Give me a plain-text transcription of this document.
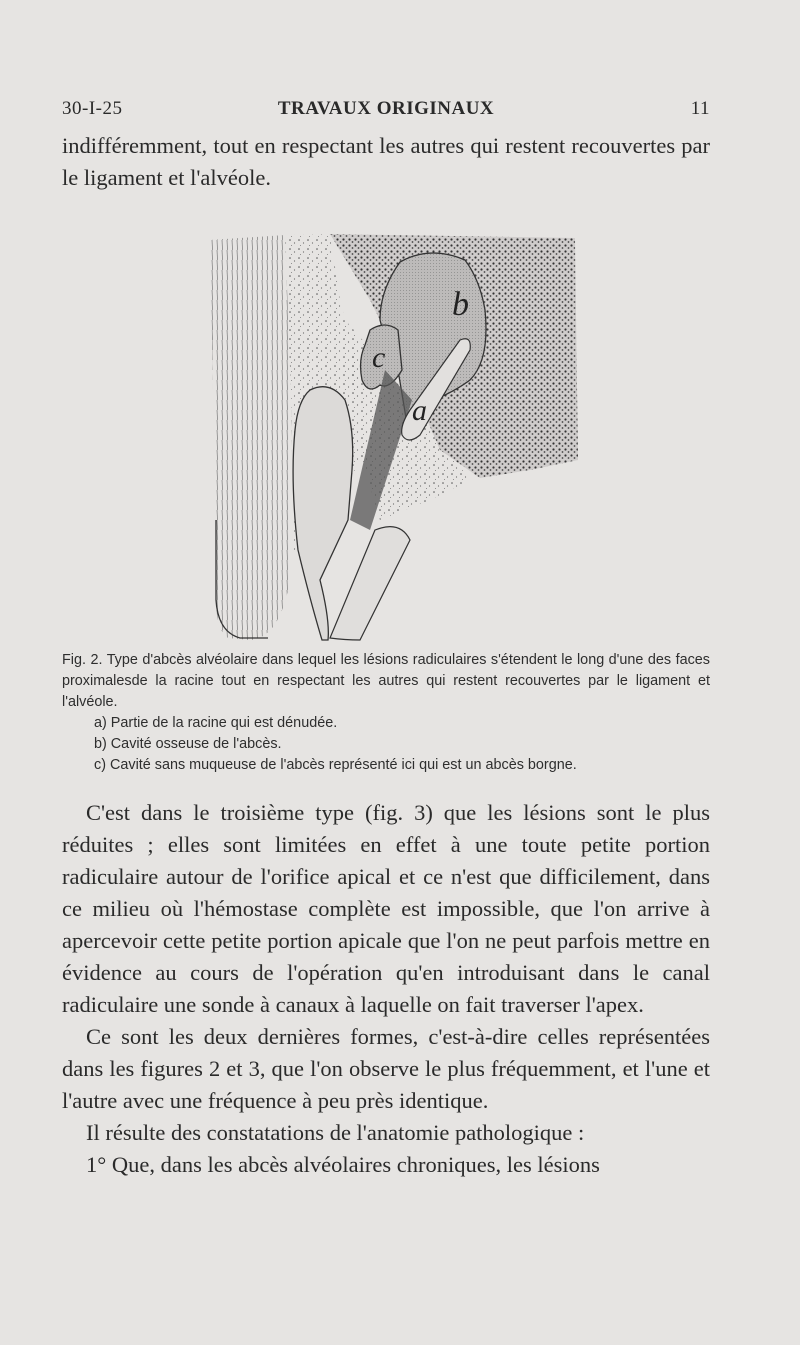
30-I-25	TRAVAUX ORIGINAUX	11

indifféremment, tout en respectant les autres qui restent recouvertes par le ligament et l'alvéole.

b
c
a

Fig. 2. Type d'abcès alvéolaire dans lequel les lésions radiculaires s'étendent le long d'une des faces proximalesde la racine tout en respectant les autres qui restent recouvertes par le ligament et l'alvéole.

a) Partie de la racine qui est dénudée.

b) Cavité osseuse de l'abcès.

c) Cavité sans muqueuse de l'abcès représenté ici qui est un abcès borgne.

C'est dans le troisième type (fig. 3) que les lésions sont le plus réduites ; elles sont limitées en effet à une toute petite portion radiculaire autour de l'orifice apical et ce n'est que difficilement, dans ce milieu où l'hémostase complète est impossible, que l'on arrive à apercevoir cette petite portion apicale que l'on ne peut parfois mettre en évidence au cours de l'opération qu'en introduisant dans le canal radiculaire une sonde à canaux à laquelle on fait traverser l'apex.

Ce sont les deux dernières formes, c'est-à-dire celles représentées dans les figures 2 et 3, que l'on observe le plus fréquemment, et l'une et l'autre avec une fréquence à peu près identique.

Il résulte des constatations de l'anatomie pathologique :

1° Que, dans les abcès alvéolaires chroniques, les lésions
